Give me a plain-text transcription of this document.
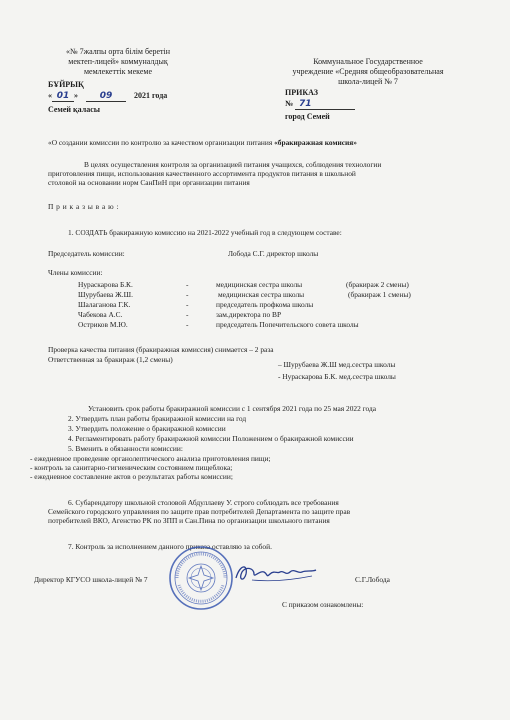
«№ 7жалпы орта білім беретін
мектеп-лицей» коммуналдық
мемлекеттік мекеме
БҰЙРЫҚ
« 01 » 09	2021 года
Семей қаласы
Коммунальное Государственное
учреждение «Средняя общеобразовательная
школа-лицей № 7
ПРИКАЗ
№ 71
город Семей
«О создании комиссии по контролю за качеством организации питания «бракиражная комисия»
В целях осуществления контроля за организацией питания учащихся, соблюдения технологии
приготовления пищи, использования качественного ассортимента продуктов питания в школьной
столовой на основании норм СанПиН при организации питания
П р и к а з ы в а ю :
1. СОЗДАТЬ бракиражную комиссию на 2021-2022 учебный год в следующем составе:
Председатель комиссии:	Лобода С.Г. директор школы
Члены комиссии:
Нураскарова Б.К.	-	медицинская сестра школы	(бракираж 2 смены)
Шурубаева Ж.Ш.	-	медицинская сестра школы	(бракираж 1 смены)
Шалаганова Г.К.	-	председатель профкома школы
Чабекова А.С.	-	зам.директора по ВР
Остриков М.Ю.	-	председатель Попечительского совета школы
Проверка качества питания (бракиражная комиссия) снимается – 2 раза
Ответственная за бракираж (1,2 смены)
– Шурубаева Ж.Ш мед.сестра школы
- Нураскарова Б.К. мед.сестра школы
Установить срок работы бракиражной комиссии с 1 сентября 2021 года по 25 мая 2022 года
2. Утвердить план работы бракиражной комиссии на год
3. Утвердить положение о бракиражной комиссии
4. Регламентировать работу бракиражной комиссии Положением о бракиражной комиссии
5. Вменить в обязанности комиссии:
- ежедневное проведение органолептического анализа приготовления пищи;
- контроль за санитарно-гигиеническим состоянием пищеблока;
- ежедневное составление актов о результатах работы комиссии;
6. Субарендатору школьной столовой Абдуллаеву У. строго соблюдать все требования
Семейского городского управления по защите прав потребителей Департамента по защите прав
потребителей ВКО, Агенство РК по ЗПП и Сан.Пина по организации школьного питания
7. Контроль за исполнением данного приказа оставляю за собой.
Директор КГУСО школа-лицей № 7	С.Г.Лобода
С приказом ознакомлены:
